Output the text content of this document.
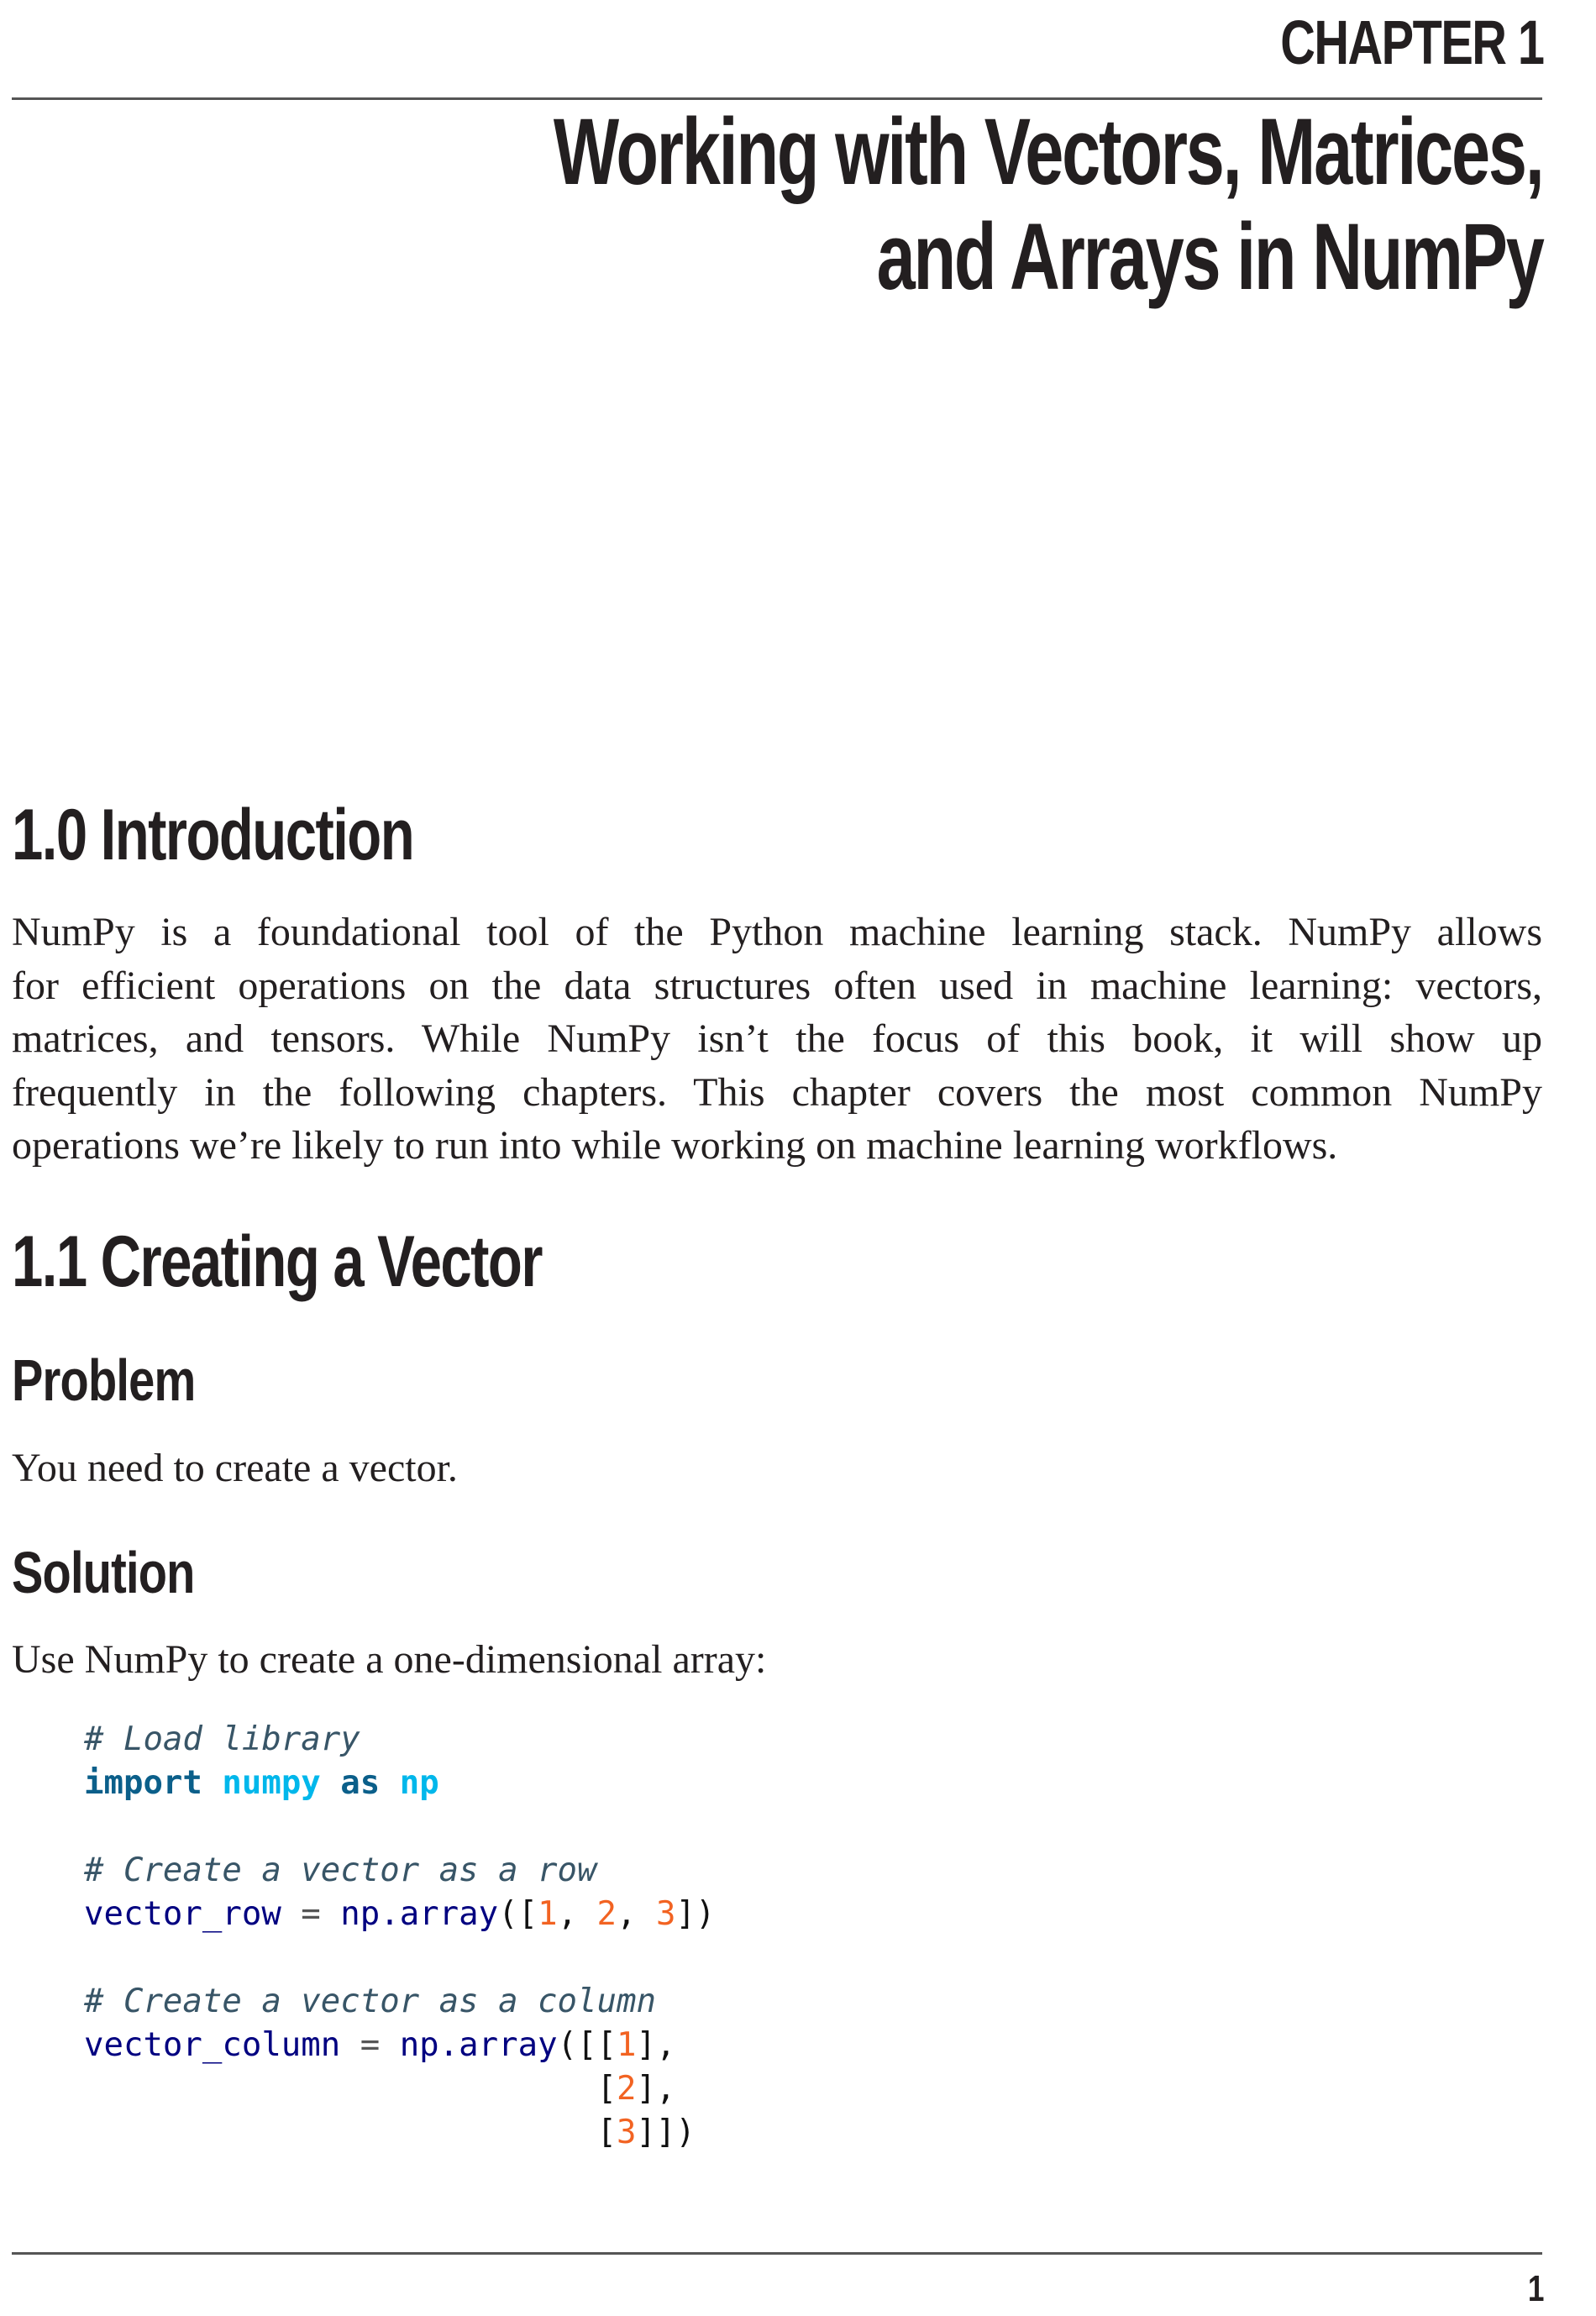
CHAPTER 1
Working with Vectors, Matrices,
and Arrays in NumPy
1.0 Introduction
NumPy is a foundational tool of the Python machine learning stack. NumPy allows
for efficient operations on the data structures often used in machine learning: vectors,
matrices, and tensors. While NumPy isn’t the focus of this book, it will show up
frequently in the following chapters. This chapter covers the most common NumPy
operations we’re likely to run into while working on machine learning workflows.
1.1 Creating a Vector
Problem
You need to create a vector.
Solution
Use NumPy to create a one-dimensional array:
# Load library
import numpy as np

# Create a vector as a row
vector_row = np.array([1, 2, 3])

# Create a vector as a column
vector_column = np.array([[1],
[2],
[3]])
1
